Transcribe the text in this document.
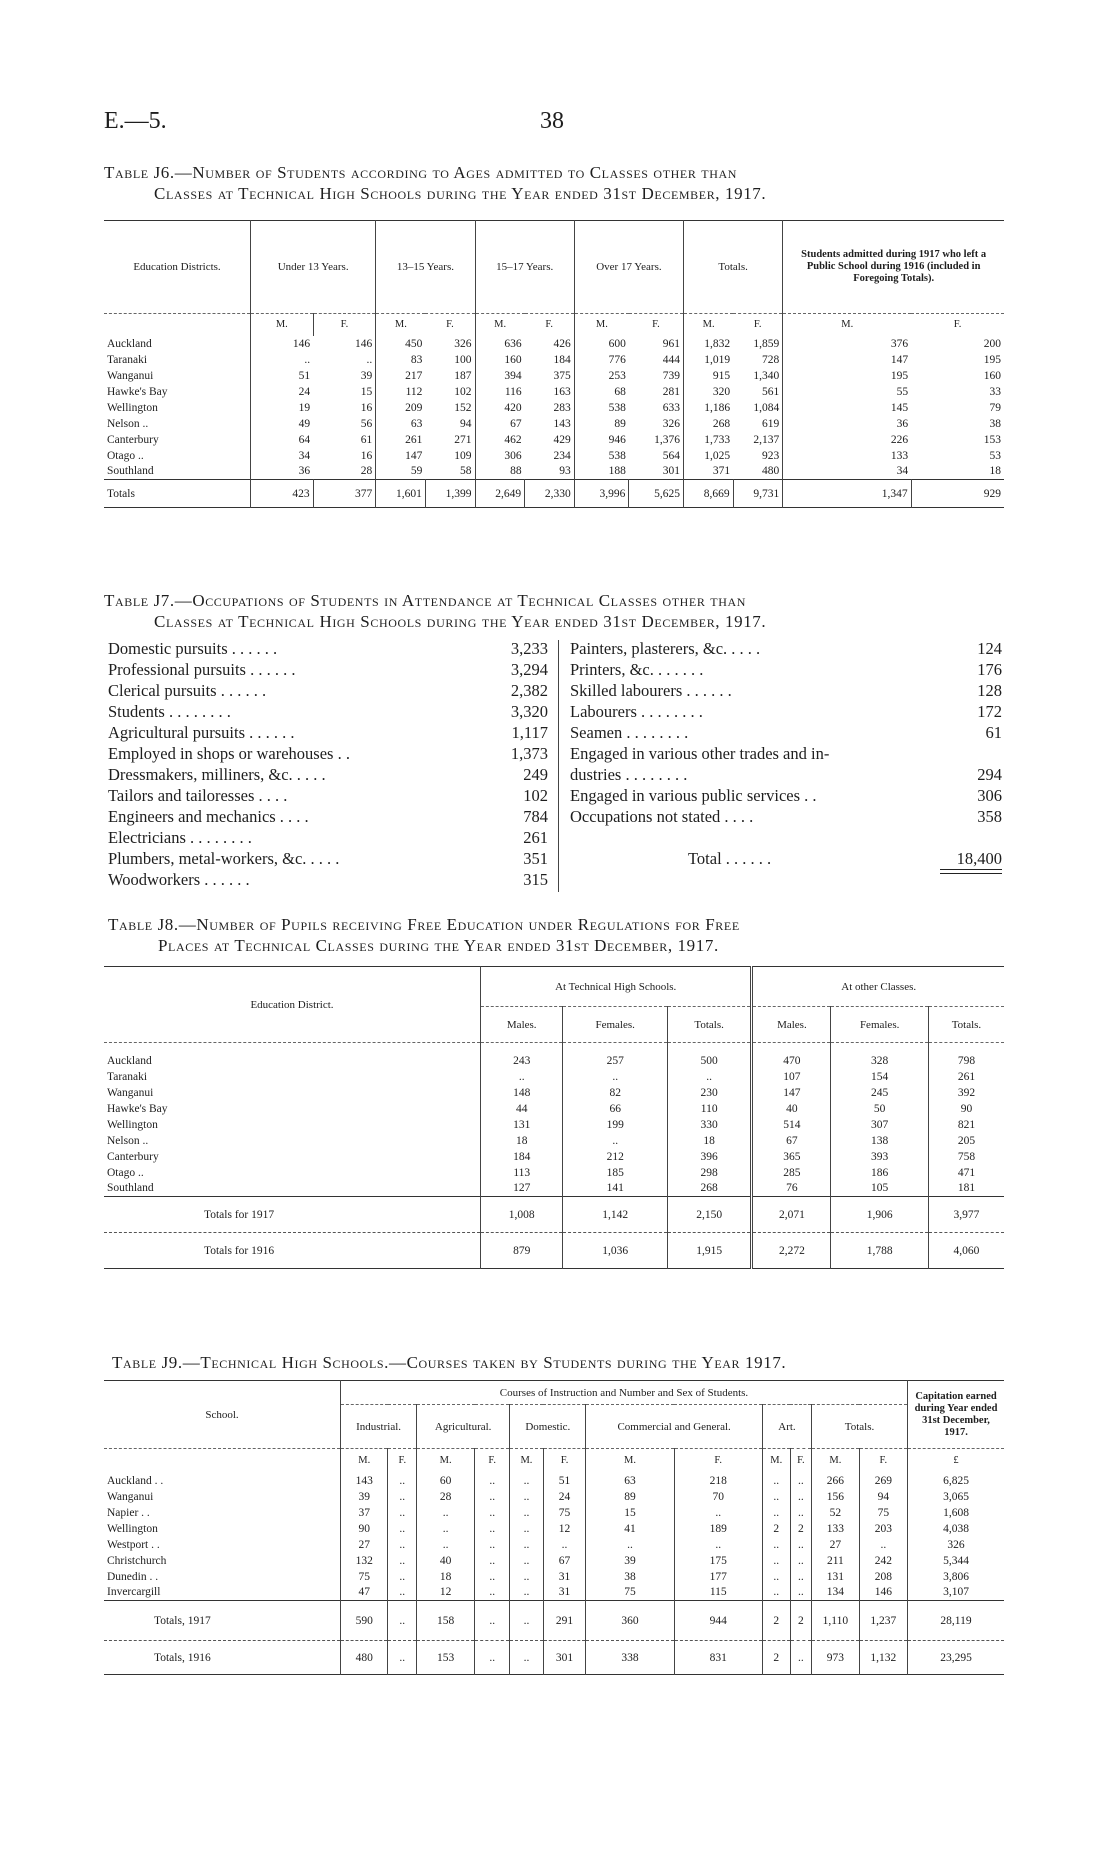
E.—5.	38
Table J6.—Number of Students according to Ages admitted to Classes other than
Classes at Technical High Schools during the Year ended 31st December, 1917.
Education Districts.	Under 13 Years.		13–15 Years.		15–17 Years.		Over 17 Years.		Totals.		Students admitted during 1917 who left a Public School during 1916 (included in Foregoing Totals).	
	M.	F.	M.	F.	M.	F.	M.	F.	M.	F.	M.	F.
Auckland	146	146	450	326	636	426	600	961	1,832	1,859	376	200
Taranaki	..	..	83	100	160	184	776	444	1,019	728	147	195
Wanganui	51	39	217	187	394	375	253	739	915	1,340	195	160
Hawke's Bay	24	15	112	102	116	163	68	281	320	561	55	33
Wellington	19	16	209	152	420	283	538	633	1,186	1,084	145	79
Nelson ..	49	56	63	94	67	143	89	326	268	619	36	38
Canterbury	64	61	261	271	462	429	946	1,376	1,733	2,137	226	153
Otago ..	34	16	147	109	306	234	538	564	1,025	923	133	53
Southland	36	28	59	58	88	93	188	301	371	480	34	18
Totals	423	377	1,601	1,399	2,649	2,330	3,996	5,625	8,669	9,731	1,347	929
Table J7.—Occupations of Students in Attendance at Technical Classes other than
Classes at Technical High Schools during the Year ended 31st December, 1917.
Domestic pursuits . . . . . .	3,233
Professional pursuits . . . . . .	3,294
Clerical pursuits . . . . . .	2,382
Students . . . . . . . .	3,320
Agricultural pursuits . . . . . .	1,117
Employed in shops or warehouses . .	1,373
Dressmakers, milliners, &c. . . . .	249
Tailors and tailoresses . . . .	102
Engineers and mechanics . . . .	784
Electricians . . . . . . . .	261
Plumbers, metal-workers, &c. . . . .	351
Woodworkers . . . . . .	315
Painters, plasterers, &c. . . . .	124
Printers, &c. . . . . . .	176
Skilled labourers . . . . . .	128
Labourers . . . . . . . .	172
Seamen . . . . . . . .	61
Engaged in various other trades and in-
dustries . . . . . . . .	294
Engaged in various public services . .	306
Occupations not stated . . . .	358
Total . . . . . .	18,400
Table J8.—Number of Pupils receiving Free Education under Regulations for Free
Places at Technical Classes during the Year ended 31st December, 1917.
Education District.	At Technical High Schools.			At other Classes.		
	Males.	Females.	Totals.	Males.	Females.	Totals.

Auckland	243	257	500	470	328	798
Taranaki	..	..	..	107	154	261
Wanganui	148	82	230	147	245	392
Hawke's Bay	44	66	110	40	50	90
Wellington	131	199	330	514	307	821
Nelson ..	18	..	18	67	138	205
Canterbury	184	212	396	365	393	758
Otago ..	113	185	298	285	186	471
Southland	127	141	268	76	105	181
Totals for 1917	1,008	1,142	2,150	2,071	1,906	3,977
Totals for 1916	879	1,036	1,915	2,272	1,788	4,060
Table J9.—Technical High Schools.—Courses taken by Students during the Year 1917.
School.	Courses of Instruction and Number and Sex of Students.												Capitation earned during Year ended 31st December, 1917.
	Industrial.		Agricultural.		Domestic.		Commercial and General.		Art.		Totals.		
	M.	F.	M.	F.	M.	F.	M.	F.	M.	F.	M.	F.	£
Auckland . .	143	..	60	..	..	51	63	218	..	..	266	269	6,825
Wanganui	39	..	28	..	..	24	89	70	..	..	156	94	3,065
Napier . .	37	..	..	..	..	75	15	..	..	..	52	75	1,608
Wellington	90	..	..	..	..	12	41	189	2	2	133	203	4,038
Westport . .	27	..	..	..	..	..	..	..	..	..	27	..	326
Christchurch	132	..	40	..	..	67	39	175	..	..	211	242	5,344
Dunedin . .	75	..	18	..	..	31	38	177	..	..	131	208	3,806
Invercargill	47	..	12	..	..	31	75	115	..	..	134	146	3,107
Totals, 1917	590	..	158	..	..	291	360	944	2	2	1,110	1,237	28,119
Totals, 1916	480	..	153	..	..	301	338	831	2	..	973	1,132	23,295
